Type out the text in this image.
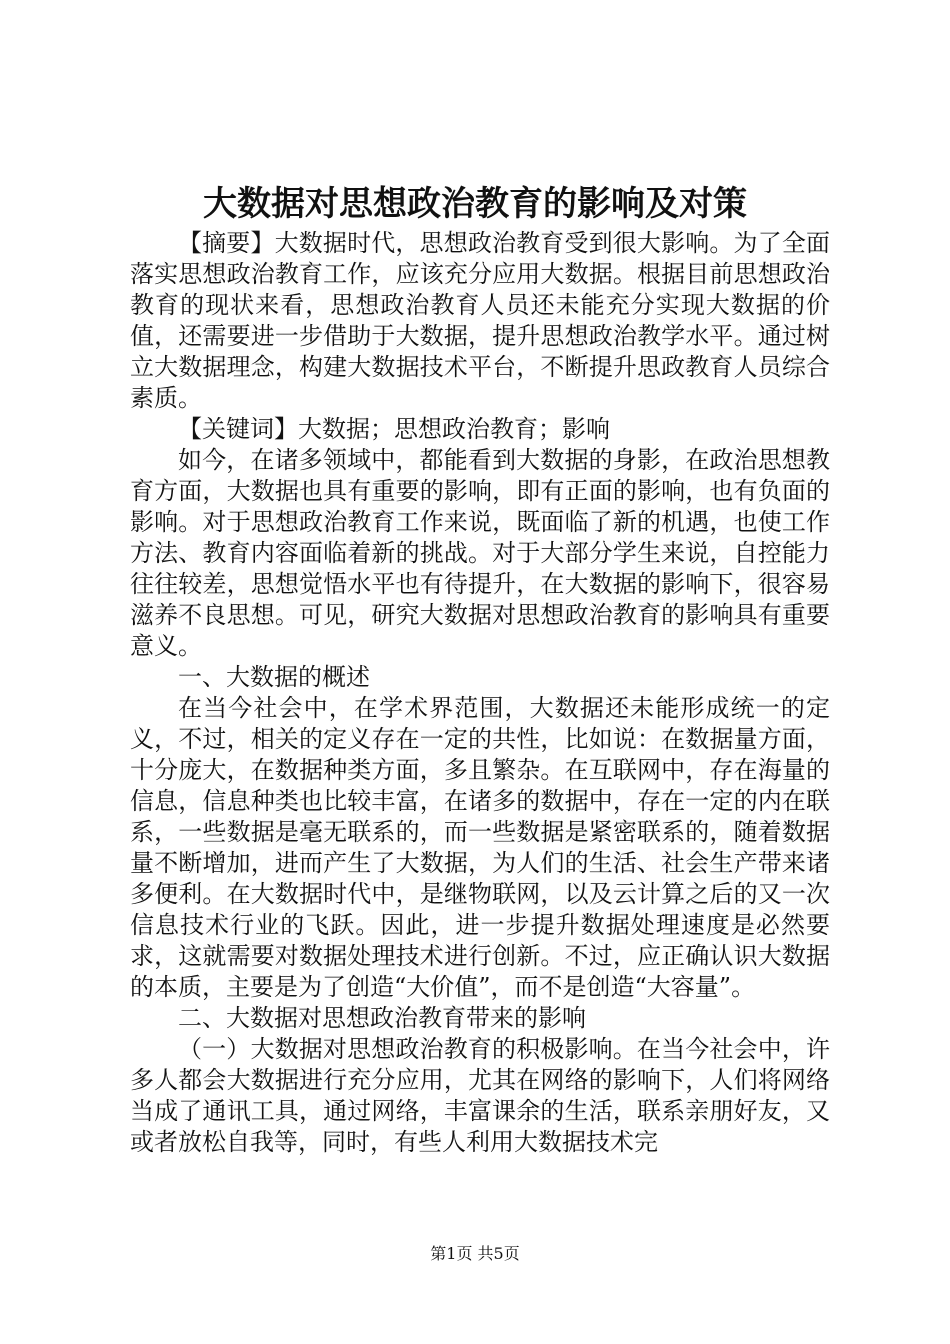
大数据对思想政治教育的影响及对策

【摘要】大数据时代，思想政治教育受到很大影响。为了全面落实思想政治教育工作，应该充分应用大数据。根据目前思想政治教育的现状来看，思想政治教育人员还未能充分实现大数据的价值，还需要进一步借助于大数据，提升思想政治教学水平。通过树立大数据理念，构建大数据技术平台，不断提升思政教育人员综合素质。

【关键词】大数据；思想政治教育；影响

如今，在诸多领域中，都能看到大数据的身影，在政治思想教育方面，大数据也具有重要的影响，即有正面的影响，也有负面的影响。对于思想政治教育工作来说，既面临了新的机遇，也使工作方法、教育内容面临着新的挑战。对于大部分学生来说，自控能力往往较差，思想觉悟水平也有待提升，在大数据的影响下，很容易滋养不良思想。可见，研究大数据对思想政治教育的影响具有重要意义。

一、大数据的概述

在当今社会中，在学术界范围，大数据还未能形成统一的定义，不过，相关的定义存在一定的共性，比如说：在数据量方面，十分庞大，在数据种类方面，多且繁杂。在互联网中，存在海量的信息，信息种类也比较丰富，在诸多的数据中，存在一定的内在联系，一些数据是毫无联系的，而一些数据是紧密联系的，随着数据量不断增加，进而产生了大数据，为人们的生活、社会生产带来诸多便利。在大数据时代中，是继物联网，以及云计算之后的又一次信息技术行业的飞跃。因此，进一步提升数据处理速度是必然要求，这就需要对数据处理技术进行创新。不过，应正确认识大数据的本质，主要是为了创造“大价值”，而不是创造“大容量”。

二、大数据对思想政治教育带来的影响

（一）大数据对思想政治教育的积极影响。在当今社会中，许多人都会大数据进行充分应用，尤其在网络的影响下，人们将网络当成了通讯工具，通过网络，丰富课余的生活，联系亲朋好友，又或者放松自我等，同时，有些人利用大数据技术完

第1页 共5页
